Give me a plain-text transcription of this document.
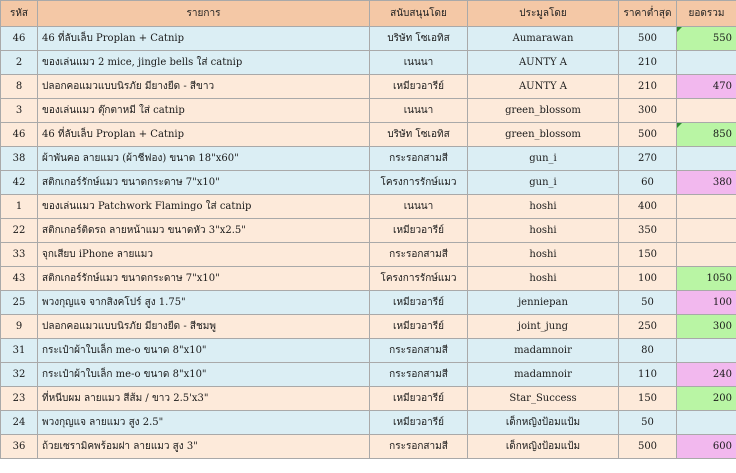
รหัส	รายการ	สนับสนุนโดย	ประมูลโดย	ราคาต่ำสุด	ยอดรวม
46	46 ที่ลับเล็บ Proplan + Catnip	บริษัท โซเอทิส	Aumarawan	500	550
2	ของเล่นแมว 2 mice, jingle bells ใส่ catnip	เนนนา	AUNTY A	210	
8	ปลอกคอแมวแบบนิรภัย มียางยืด - สีขาว	เหมียวอารีย์	AUNTY A	210	470
3	ของเล่นแมว ตุ๊กตาหมี ใส่ catnip	เนนนา	green_blossom	300	
46	46 ที่ลับเล็บ Proplan + Catnip	บริษัท โซเอทิส	green_blossom	500	850
38	ผ้าพันคอ ลายแมว (ผ้าชีฟอง) ขนาด 18"x60"	กระรอกสามสี	gun_i	270	
42	สติกเกอร์รักษ์แมว ขนาดกระดาษ 7"x10"	โครงการรักษ์แมว	gun_i	60	380
1	ของเล่นแมว Patchwork Flamingo ใส่ catnip	เนนนา	hoshi	400	
22	สติกเกอร์ติดรถ ลายหน้าแมว ขนาดหัว 3"x2.5"	เหมียวอารีย์	hoshi	350	
33	จุกเสียบ iPhone ลายแมว	กระรอกสามสี	hoshi	150	
43	สติกเกอร์รักษ์แมว ขนาดกระดาษ 7"x10"	โครงการรักษ์แมว	hoshi	100	1050
25	พวงกุญแจ จากสิงคโปร์ สูง 1.75"	เหมียวอารีย์	jenniepan	50	100
9	ปลอกคอแมวแบบนิรภัย มียางยืด - สีชมพู	เหมียวอารีย์	joint_jung	250	300
31	กระเป๋าผ้าใบเล็ก me-o ขนาด 8"x10"	กระรอกสามสี	madamnoir	80	
32	กระเป๋าผ้าใบเล็ก me-o ขนาด 8"x10"	กระรอกสามสี	madamnoir	110	240
23	ที่หนีบผม ลายแมว สีส้ม / ขาว 2.5'x3"	เหมียวอารีย์	Star_Success	150	200
24	พวงกุญแจ ลายแมว สูง 2.5"	เหมียวอารีย์	เด็กหญิงป้อมแป้ม	50	
36	ถ้วยเซรามิคพร้อมฝา ลายแมว สูง 3"	กระรอกสามสี	เด็กหญิงป้อมแป้ม	500	600
